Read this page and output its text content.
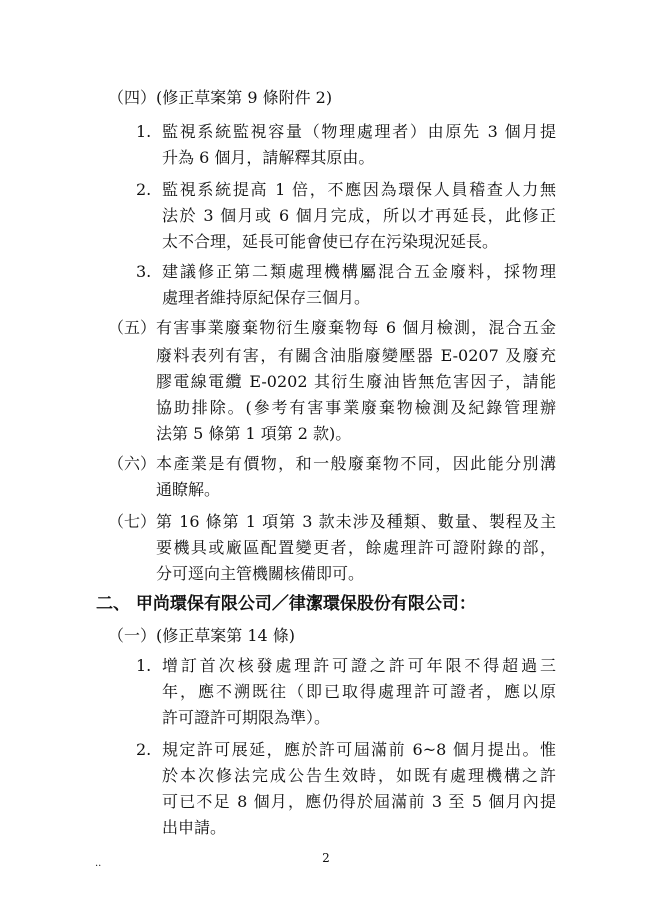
（四）(修正草案第 9 條附件 2)
1. 監視系統監視容量（物理處理者）由原先 3 個月提
升為 6 個月，請解釋其原由。
2. 監視系統提高 1 倍，不應因為環保人員稽查人力無
法於 3 個月或 6 個月完成，所以才再延長，此修正
太不合理，延長可能會使已存在污染現況延長。
3. 建議修正第二類處理機構屬混合五金廢料，採物理
處理者維持原紀保存三個月。
（五） 有害事業廢棄物衍生廢棄物每 6 個月檢測，混合五金
廢料表列有害，有關含油脂廢變壓器 E-0207 及廢充
膠電線電纜 E-0202 其衍生廢油皆無危害因子，請能
協助排除。(參考有害事業廢棄物檢測及紀錄管理辦
法第 5 條第 1 項第 2 款)。
（六） 本產業是有價物，和一般廢棄物不同，因此能分別溝
通瞭解。
（七） 第 16 條第 1 項第 3 款未涉及種類、數量、製程及主
要機具或廠區配置變更者，餘處理許可證附錄的部，
分可逕向主管機關核備即可。
二、 甲尚環保有限公司／律潔環保股份有限公司：
（一）(修正草案第 14 條)
1. 增訂首次核發處理許可證之許可年限不得超過三
年，應不溯既往（即已取得處理許可證者，應以原
許可證許可期限為準）。
2. 規定許可展延，應於許可屆滿前 6~8 個月提出。惟
於本次修法完成公告生效時，如既有處理機構之許
可已不足 8 個月，應仍得於屆滿前 3 至 5 個月內提
出申請。
..	2
